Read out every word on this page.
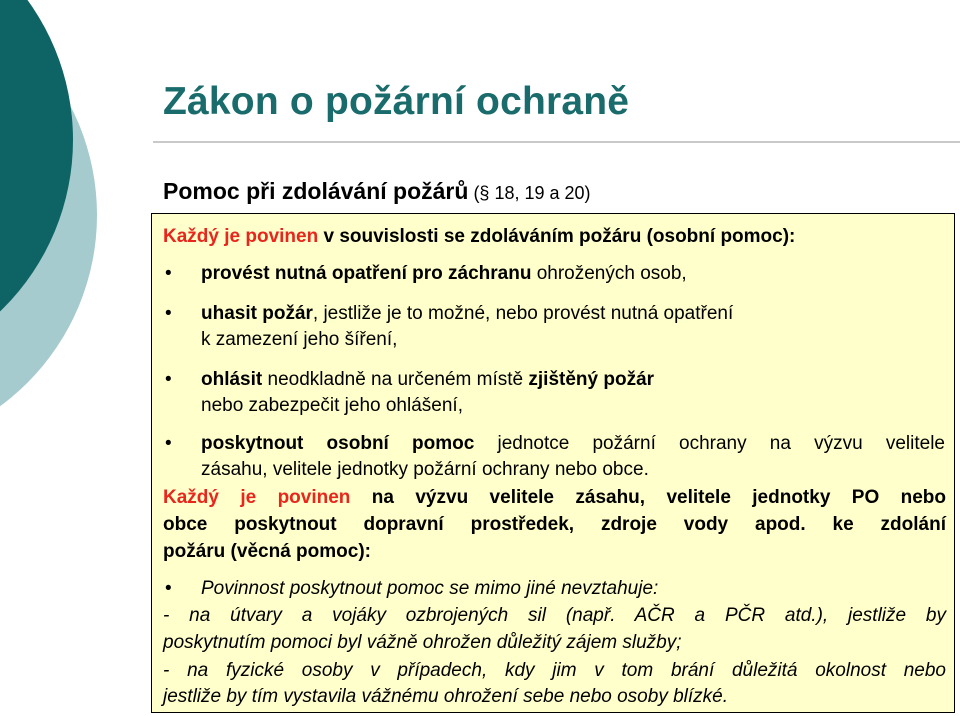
Zákon o požární ochraně
Pomoc při zdolávání požárů (§ 18, 19 a 20)
Každý je povinen v souvislosti se zdoláváním požáru (osobní pomoc):
• provést nutná opatření pro záchranu ohrožených osob,
• uhasit požár, jestliže je to možné, nebo provést nutná opatření
k zamezení jeho šíření,
• ohlásit neodkladně na určeném místě zjištěný požár
nebo zabezpečit jeho ohlášení,
• poskytnout osobní pomoc jednotce požární ochrany na výzvu velitele
zásahu, velitele jednotky požární ochrany nebo obce.
Každý je povinen na výzvu velitele zásahu, velitele jednotky PO nebo
obce poskytnout dopravní prostředek, zdroje vody apod. ke zdolání
požáru (věcná pomoc):
• Povinnost poskytnout pomoc se mimo jiné nevztahuje:
- na útvary a vojáky ozbrojených sil (např. AČR a PČR atd.), jestliže by
poskytnutím pomoci byl vážně ohrožen důležitý zájem služby;
- na fyzické osoby v případech, kdy jim v tom brání důležitá okolnost nebo
jestliže by tím vystavila vážnému ohrožení sebe nebo osoby blízké.
